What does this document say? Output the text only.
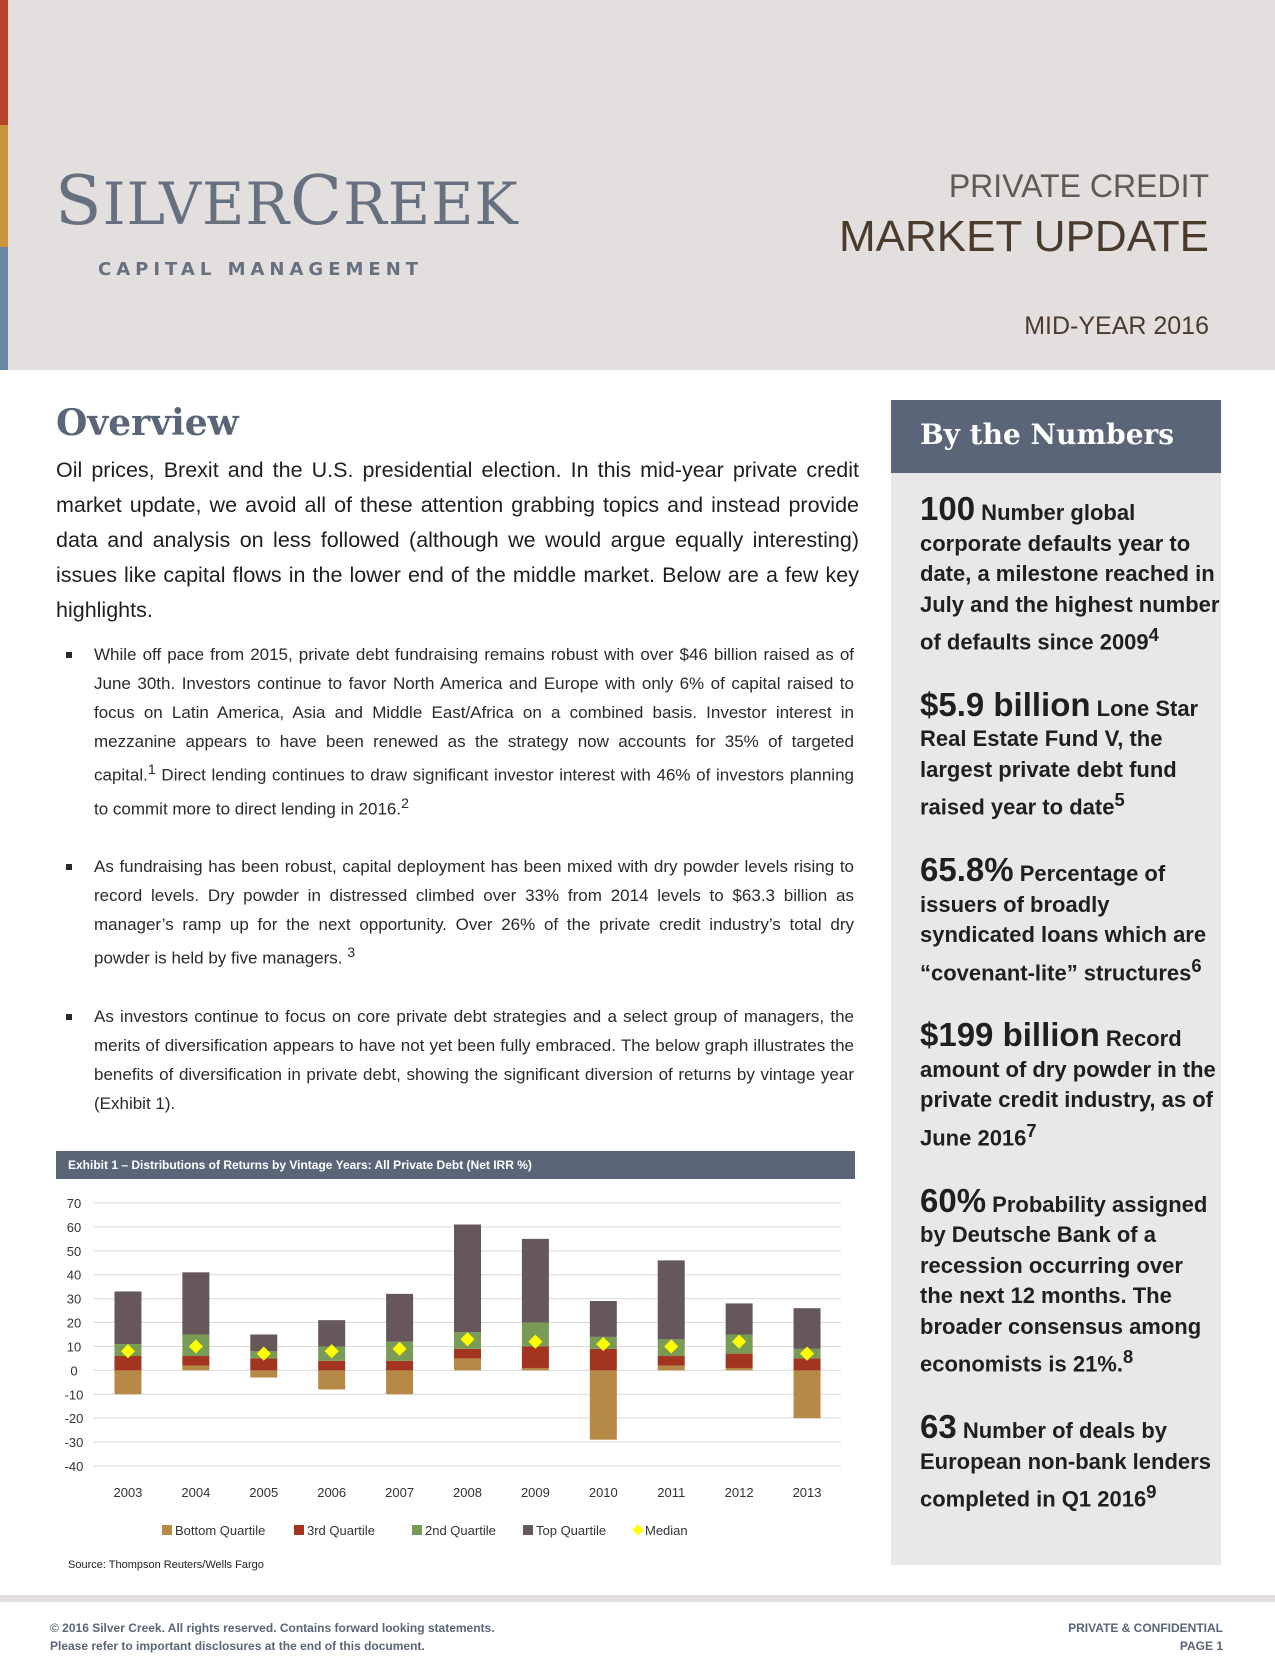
SILVERCREEK
CAPITAL MANAGEMENT
PRIVATE CREDIT
MARKET UPDATE
MID-YEAR 2016
Overview
Oil prices, Brexit and the U.S. presidential election. In this mid-year private credit market update, we avoid all of these attention grabbing topics and instead provide data and analysis on less followed (although we would argue equally interesting) issues like capital flows in the lower end of the middle market. Below are a few key highlights.
While off pace from 2015, private debt fundraising remains robust with over $46 billion raised as of June 30th. Investors continue to favor North America and Europe with only 6% of capital raised to focus on Latin America, Asia and Middle East/Africa on a combined basis. Investor interest in mezzanine appears to have been renewed as the strategy now accounts for 35% of targeted capital.$^1$ Direct lending continues to draw significant investor interest with 46% of investors planning to commit more to direct lending in 2016.$^2$
As fundraising has been robust, capital deployment has been mixed with dry powder levels rising to record levels. Dry powder in distressed climbed over 33% from 2014 levels to $63.3 billion as manager’s ramp up for the next opportunity. Over 26% of the private credit industry’s total dry powder is held by five managers. $^3$
As investors continue to focus on core private debt strategies and a select group of managers, the merits of diversification appears to have not yet been fully embraced. The below graph illustrates the benefits of diversification in private debt, showing the significant diversion of returns by vintage year (Exhibit 1).
Exhibit 1 – Distributions of Returns by Vintage Years: All Private Debt (Net IRR %)
70
60
50
40
30
20
10
0
-10
-20
-30
-40
2003	2004	2005	2006	2007	2008	2009	2010	2011	2012	2013
Bottom Quartile	3rd Quartile	2nd Quartile	Top Quartile	Median
Source: Thompson Reuters/Wells Fargo
By the Numbers
100 Number global corporate defaults year to date, a milestone reached in July and the highest number of defaults since 2009$^4$
$5.9 billion Lone Star Real Estate Fund V, the largest private debt fund raised year to date$^5$
65.8% Percentage of issuers of broadly syndicated loans which are “covenant-lite” structures$^6$
$199 billion Record amount of dry powder in the private credit industry, as of June 2016$^7$
60% Probability assigned by Deutsche Bank of a recession occurring over the next 12 months. The broader consensus among economists is 21%.$^8$
63 Number of deals by European non-bank lenders completed in Q1 2016$^9$
© 2016 Silver Creek. All rights reserved. Contains forward looking statements.
Please refer to important disclosures at the end of this document.
PRIVATE & CONFIDENTIAL
PAGE 1
